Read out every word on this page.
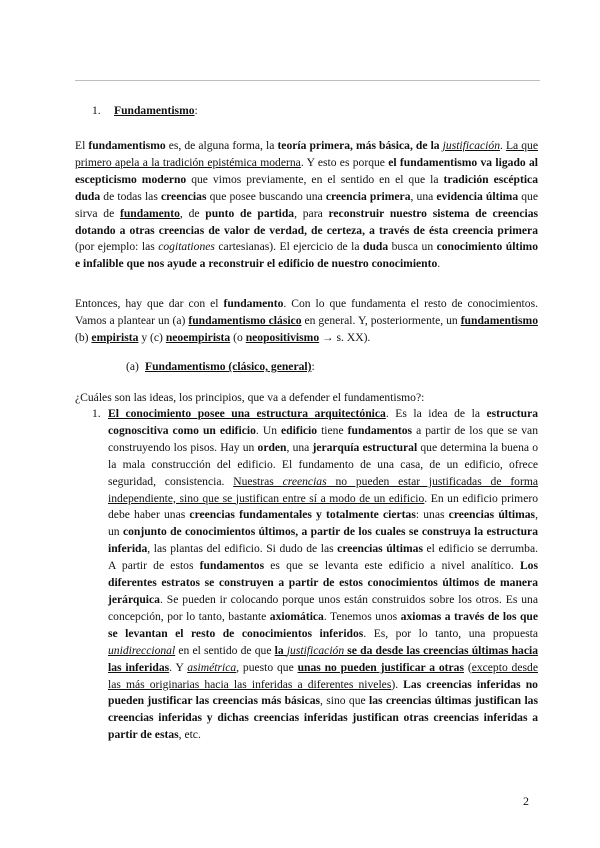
1. Fundamentismo:
El fundamentismo es, de alguna forma, la teoría primera, más básica, de la justificación. La que primero apela a la tradición epistémica moderna. Y esto es porque el fundamentismo va ligado al escepticismo moderno que vimos previamente, en el sentido en el que la tradición escéptica duda de todas las creencias que posee buscando una creencia primera, una evidencia última que sirva de fundamento, de punto de partida, para reconstruir nuestro sistema de creencias dotando a otras creencias de valor de verdad, de certeza, a través de ésta creencia primera (por ejemplo: las cogitationes cartesianas). El ejercicio de la duda busca un conocimiento último e infalible que nos ayude a reconstruir el edificio de nuestro conocimiento.
Entonces, hay que dar con el fundamento. Con lo que fundamenta el resto de conocimientos. Vamos a plantear un (a) fundamentismo clásico en general. Y, posteriormente, un fundamentismo (b) empirista y (c) neoempirista (o neopositivismo → s. XX).
(a) Fundamentismo (clásico, general):
¿Cuáles son las ideas, los principios, que va a defender el fundamentismo?:
1. El conocimiento posee una estructura arquitectónica. Es la idea de la estructura cognoscitiva como un edificio. Un edificio tiene fundamentos a partir de los que se van construyendo los pisos. Hay un orden, una jerarquía estructural que determina la buena o la mala construcción del edificio. El fundamento de una casa, de un edificio, ofrece seguridad, consistencia. Nuestras creencias no pueden estar justificadas de forma independiente, sino que se justifican entre sí a modo de un edificio. En un edificio primero debe haber unas creencias fundamentales y totalmente ciertas: unas creencias últimas, un conjunto de conocimientos últimos, a partir de los cuales se construya la estructura inferida, las plantas del edificio. Si dudo de las creencias últimas el edificio se derrumba. A partir de estos fundamentos es que se levanta este edificio a nivel analítico. Los diferentes estratos se construyen a partir de estos conocimientos últimos de manera jerárquica. Se pueden ir colocando porque unos están construidos sobre los otros. Es una concepción, por lo tanto, bastante axiomática. Tenemos unos axiomas a través de los que se levantan el resto de conocimientos inferidos. Es, por lo tanto, una propuesta unidireccional en el sentido de que la justificación se da desde las creencias últimas hacia las inferidas. Y asimétrica, puesto que unas no pueden justificar a otras (excepto desde las más originarias hacia las inferidas a diferentes niveles). Las creencias inferidas no pueden justificar las creencias más básicas, sino que las creencias últimas justifican las creencias inferidas y dichas creencias inferidas justifican otras creencias inferidas a partir de estas, etc.
2
